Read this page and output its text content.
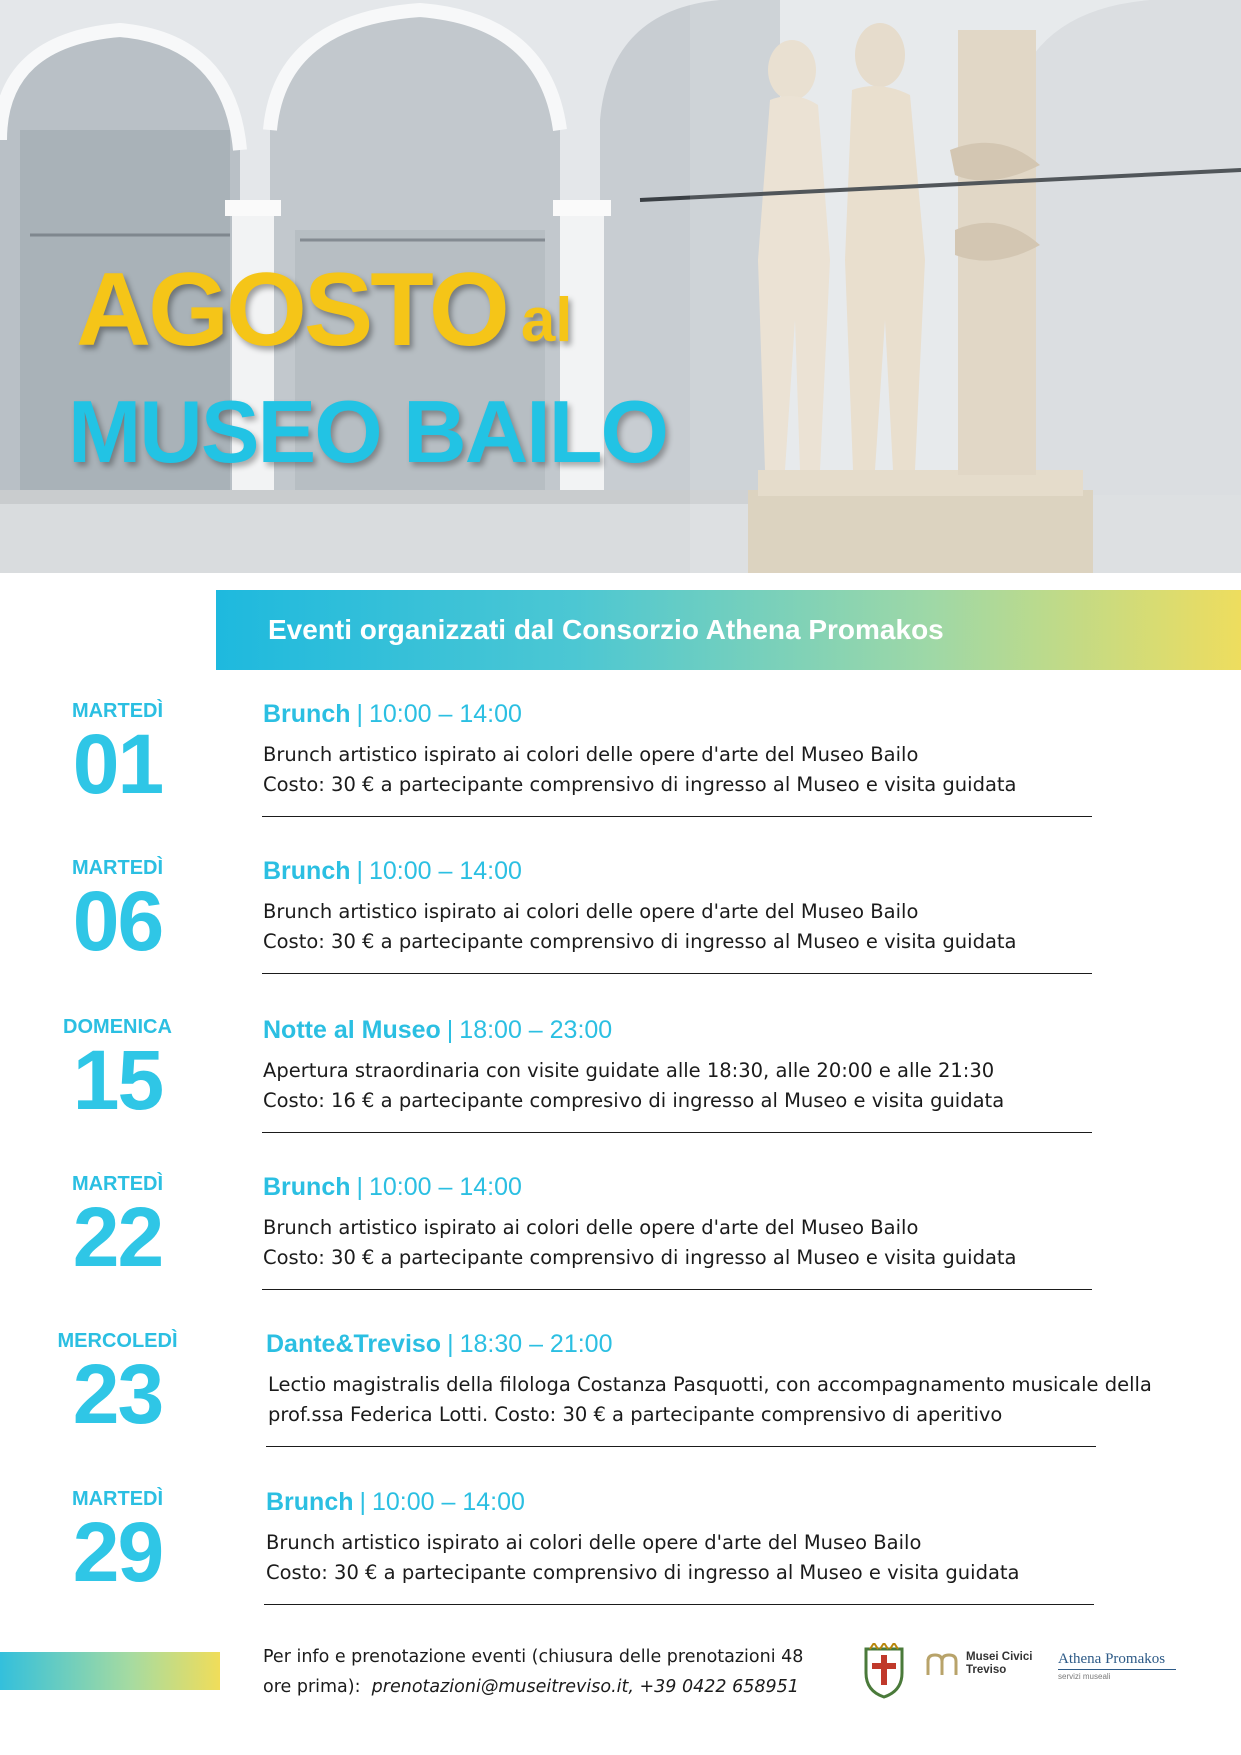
AGOSTO al
MUSEO BAILO
Eventi organizzati dal Consorzio Athena Promakos
MARTEDÌ
01
Brunch | 10:00 – 14:00
Brunch artistico ispirato ai colori delle opere d'arte del Museo Bailo
Costo: 30 € a partecipante comprensivo di ingresso al Museo e visita guidata
MARTEDÌ
06
Brunch | 10:00 – 14:00
Brunch artistico ispirato ai colori delle opere d'arte del Museo Bailo
Costo: 30 € a partecipante comprensivo di ingresso al Museo e visita guidata
DOMENICA
15
Notte al Museo | 18:00 – 23:00
Apertura straordinaria con visite guidate alle 18:30, alle 20:00 e alle 21:30
Costo: 16 € a partecipante compresivo di ingresso al Museo e visita guidata
MARTEDÌ
22
Brunch | 10:00 – 14:00
Brunch artistico ispirato ai colori delle opere d'arte del Museo Bailo
Costo: 30 € a partecipante comprensivo di ingresso al Museo e visita guidata
MERCOLEDÌ
23
Dante&Treviso | 18:30 – 21:00
Lectio magistralis della filologa Costanza Pasquotti, con accompagnamento musicale della
prof.ssa Federica Lotti. Costo: 30 € a partecipante comprensivo di aperitivo
MARTEDÌ
29
Brunch | 10:00 – 14:00
Brunch artistico ispirato ai colori delle opere d'arte del Museo Bailo
Costo: 30 € a partecipante comprensivo di ingresso al Museo e visita guidata
Per info e prenotazione eventi (chiusura delle prenotazioni 48
ore prima): prenotazioni@museitreviso.it, +39 0422 658951
Musei Civici
Treviso
Athena Promakos
servizi museali
